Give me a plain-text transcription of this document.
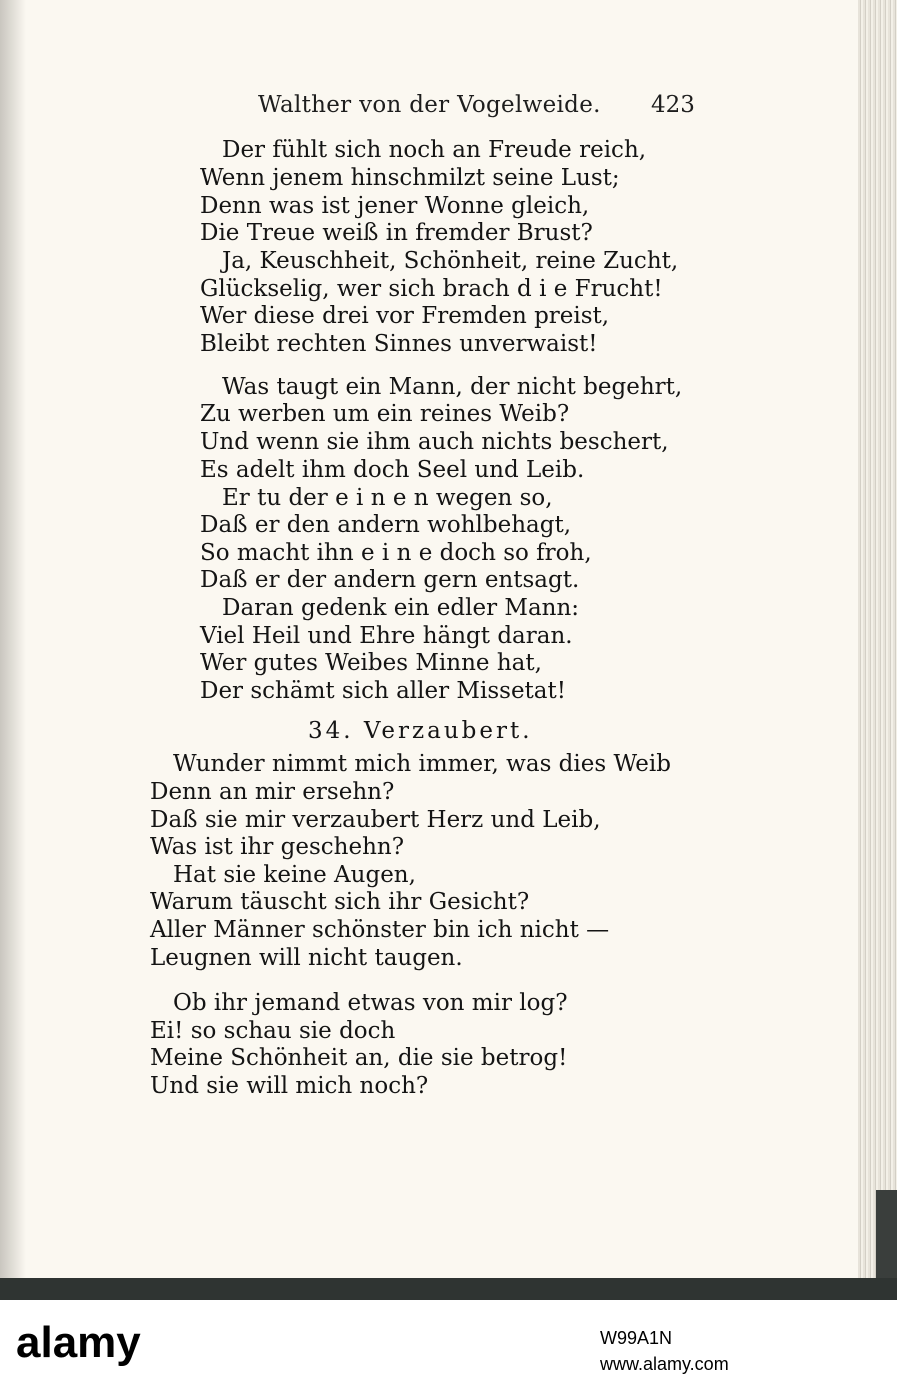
Walther von der Vogelweide. 423
Der fühlt sich noch an Freude reich,
Wenn jenem hinschmilzt seine Lust;
Denn was ist jener Wonne gleich,
Die Treue weiß in fremder Brust?
Ja, Keuschheit, Schönheit, reine Zucht,
Glückselig, wer sich brach d i e Frucht!
Wer diese drei vor Fremden preist,
Bleibt rechten Sinnes unverwaist!
Was taugt ein Mann, der nicht begehrt,
Zu werben um ein reines Weib?
Und wenn sie ihm auch nichts beschert,
Es adelt ihm doch Seel und Leib.
Er tu der e i n e n wegen so,
Daß er den andern wohlbehagt,
So macht ihn e i n e doch so froh,
Daß er der andern gern entsagt.
Daran gedenk ein edler Mann:
Viel Heil und Ehre hängt daran.
Wer gutes Weibes Minne hat,
Der schämt sich aller Missetat!
34. Verzaubert.
Wunder nimmt mich immer, was dies Weib
Denn an mir ersehn?
Daß sie mir verzaubert Herz und Leib,
Was ist ihr geschehn?
Hat sie keine Augen,
Warum täuscht sich ihr Gesicht?
Aller Männer schönster bin ich nicht —
Leugnen will nicht taugen.
Ob ihr jemand etwas von mir log?
Ei! so schau sie doch
Meine Schönheit an, die sie betrog!
Und sie will mich noch?
alamy	W99A1N
www.alamy.com
